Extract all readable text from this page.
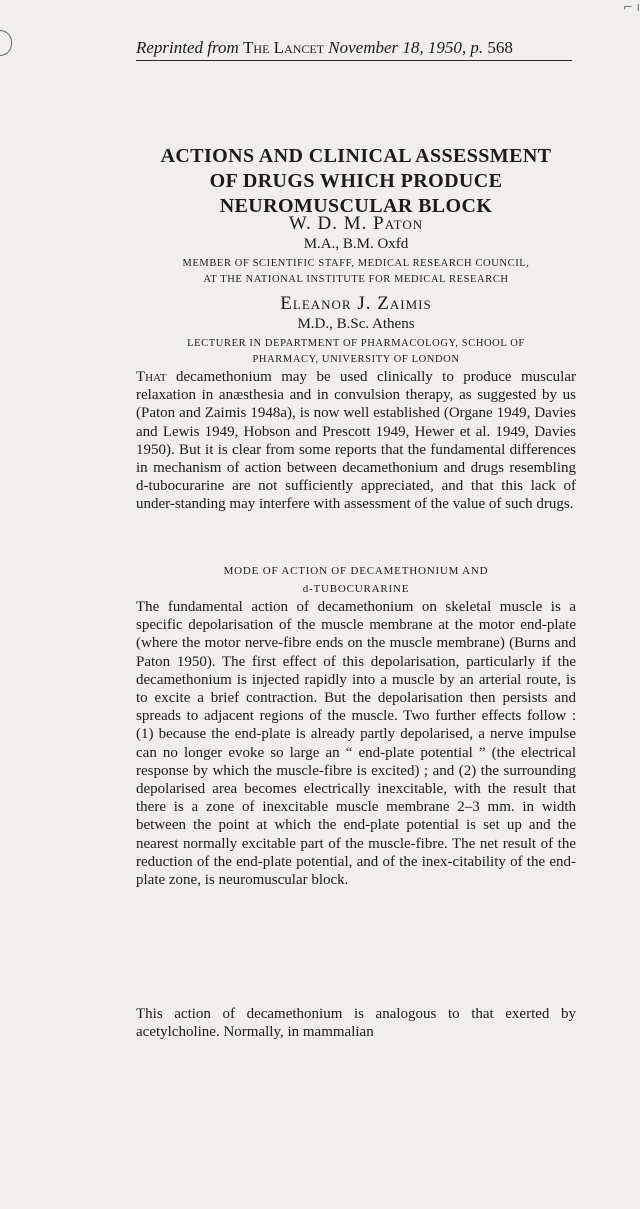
⌐ ı
Reprinted from The Lancet November 18, 1950, p. 568
ACTIONS AND CLINICAL ASSESSMENT
OF DRUGS WHICH PRODUCE
NEUROMUSCULAR BLOCK
W. D. M. Paton
M.A., B.M. Oxfd
MEMBER OF SCIENTIFIC STAFF, MEDICAL RESEARCH COUNCIL,
AT THE NATIONAL INSTITUTE FOR MEDICAL RESEARCH
Eleanor J. Zaimis
M.D., B.Sc. Athens
LECTURER IN DEPARTMENT OF PHARMACOLOGY, SCHOOL OF
PHARMACY, UNIVERSITY OF LONDON
That decamethonium may be used clinically to produce muscular relaxation in anæsthesia and in convulsion therapy, as suggested by us (Paton and Zaimis 1948a), is now well established (Organe 1949, Davies and Lewis 1949, Hobson and Prescott 1949, Hewer et al. 1949, Davies 1950). But it is clear from some reports that the fundamental differences in mechanism of action between decamethonium and drugs resembling d-tubocurarine are not sufficiently appreciated, and that this lack of under-standing may interfere with assessment of the value of such drugs.
MODE OF ACTION OF DECAMETHONIUM AND
d-TUBOCURARINE
The fundamental action of decamethonium on skeletal muscle is a specific depolarisation of the muscle membrane at the motor end-plate (where the motor nerve-fibre ends on the muscle membrane) (Burns and Paton 1950). The first effect of this depolarisation, particularly if the decamethonium is injected rapidly into a muscle by an arterial route, is to excite a brief contraction. But the depolarisation then persists and spreads to adjacent regions of the muscle. Two further effects follow : (1) because the end-plate is already partly depolarised, a nerve impulse can no longer evoke so large an “ end-plate potential ” (the electrical response by which the muscle-fibre is excited) ; and (2) the surrounding depolarised area becomes electrically inexcitable, with the result that there is a zone of inexcitable muscle membrane 2–3 mm. in width between the point at which the end-plate potential is set up and the nearest normally excitable part of the muscle-fibre. The net result of the reduction of the end-plate potential, and of the inex-citability of the end-plate zone, is neuromuscular block.
This action of decamethonium is analogous to that exerted by acetylcholine. Normally, in mammalian
